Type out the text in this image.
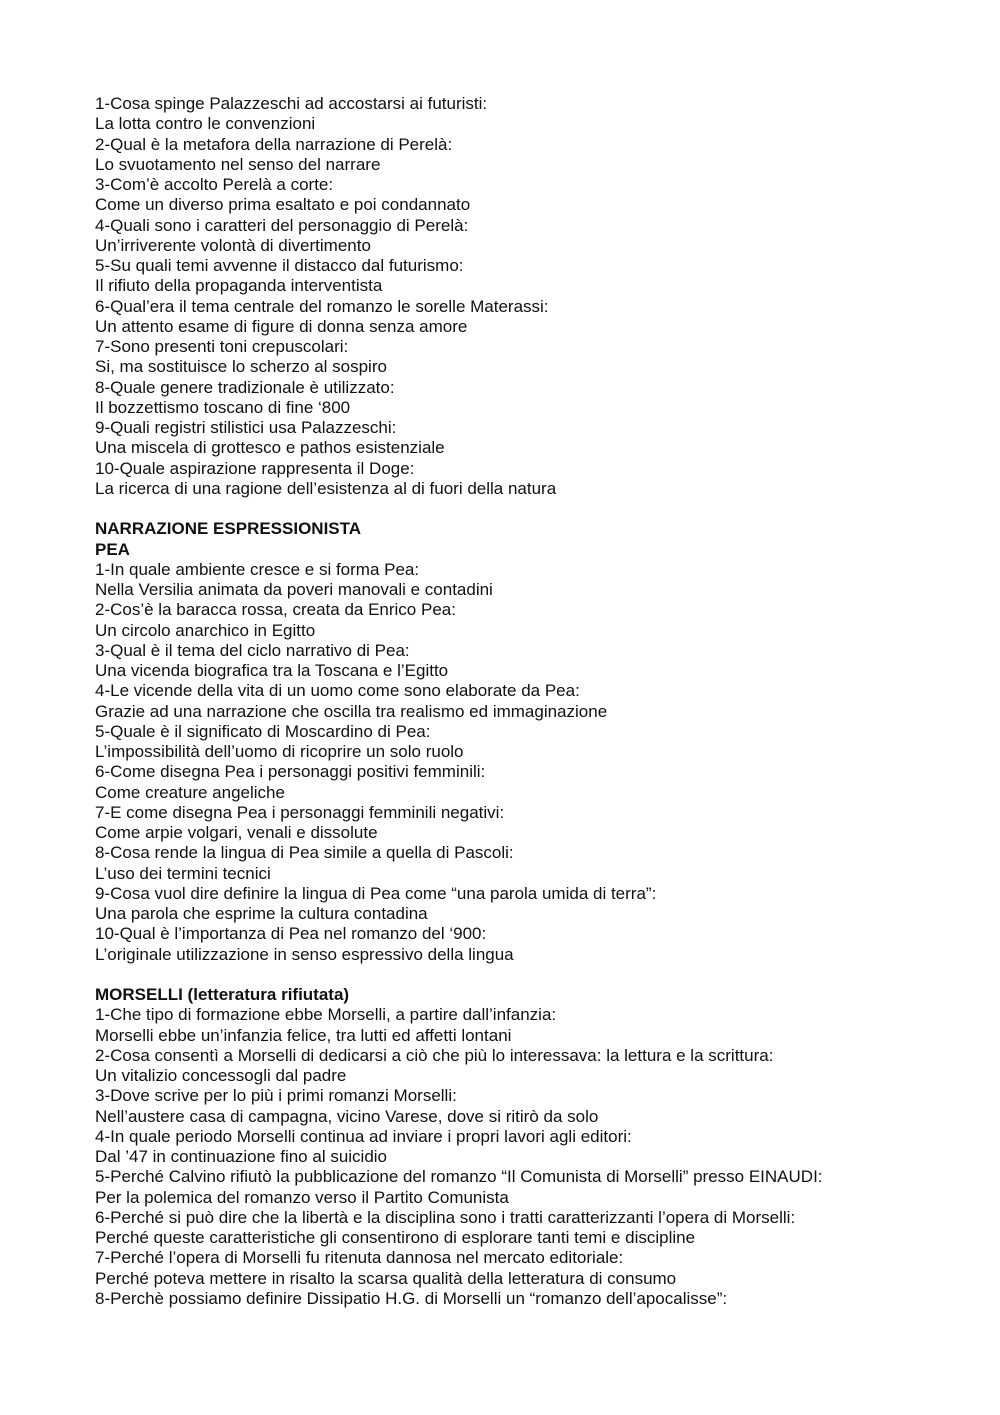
1-Cosa spinge Palazzeschi ad accostarsi ai futuristi:
La lotta contro le convenzioni
2-Qual è la metafora della narrazione di Perelà:
Lo svuotamento nel senso del narrare
3-Com’è accolto Perelà a corte:
Come un diverso prima esaltato e poi condannato
4-Quali sono i caratteri del personaggio di Perelà:
Un’irriverente volontà di divertimento
5-Su quali temi avvenne il distacco dal futurismo:
Il rifiuto della propaganda interventista
6-Qual’era il tema centrale del romanzo le sorelle Materassi:
Un attento esame di figure di donna senza amore
7-Sono presenti toni crepuscolari:
Si, ma sostituisce lo scherzo al sospiro
8-Quale genere tradizionale è utilizzato:
Il bozzettismo toscano di fine ‘800
9-Quali registri stilistici usa Palazzeschi:
Una miscela di grottesco e pathos esistenziale
10-Quale aspirazione rappresenta il Doge:
La ricerca di una ragione dell’esistenza al di fuori della natura
NARRAZIONE ESPRESSIONISTA
PEA
1-In quale ambiente cresce e si forma Pea:
Nella Versilia animata da poveri manovali e contadini
2-Cos’è la baracca rossa, creata da Enrico Pea:
Un circolo anarchico in Egitto
3-Qual è il tema del ciclo narrativo di Pea:
Una vicenda biografica tra la Toscana e l’Egitto
4-Le vicende della vita di un uomo come sono elaborate da Pea:
Grazie ad una narrazione che oscilla tra realismo ed immaginazione
5-Quale è il significato di Moscardino di Pea:
L’impossibilità dell’uomo di ricoprire un solo ruolo
6-Come disegna Pea i personaggi positivi femminili:
Come creature angeliche
7-E come disegna Pea i personaggi femminili negativi:
Come arpie volgari, venali e dissolute
8-Cosa rende la lingua di Pea simile a quella di Pascoli:
L’uso dei termini tecnici
9-Cosa vuol dire definire la lingua di Pea come “una parola umida di terra”:
Una parola che esprime la cultura contadina
10-Qual è l’importanza di Pea nel romanzo del ‘900:
L’originale utilizzazione in senso espressivo della lingua
MORSELLI (letteratura rifiutata)
1-Che tipo di formazione ebbe Morselli, a partire dall’infanzia:
Morselli ebbe un’infanzia felice, tra lutti ed affetti lontani
2-Cosa consentì a Morselli di dedicarsi a ciò che più lo interessava: la lettura e la scrittura:
Un vitalizio concessogli dal padre
3-Dove scrive per lo più i primi romanzi Morselli:
Nell’austere casa di campagna, vicino Varese, dove si ritirò da solo
4-In quale periodo Morselli continua ad inviare i propri lavori agli editori:
Dal ’47 in continuazione fino al suicidio
5-Perché Calvino rifiutò la pubblicazione del romanzo “Il Comunista di Morselli” presso EINAUDI:
Per la polemica del romanzo verso il Partito Comunista
6-Perché si può dire che la libertà e la disciplina sono i tratti caratterizzanti l’opera di Morselli:
Perché queste caratteristiche gli consentirono di esplorare tanti temi e discipline
7-Perché l’opera di Morselli fu ritenuta dannosa nel mercato editoriale:
Perché poteva mettere in risalto la scarsa qualità della letteratura di consumo
8-Perchè possiamo definire Dissipatio H.G. di Morselli un “romanzo dell’apocalisse”:
